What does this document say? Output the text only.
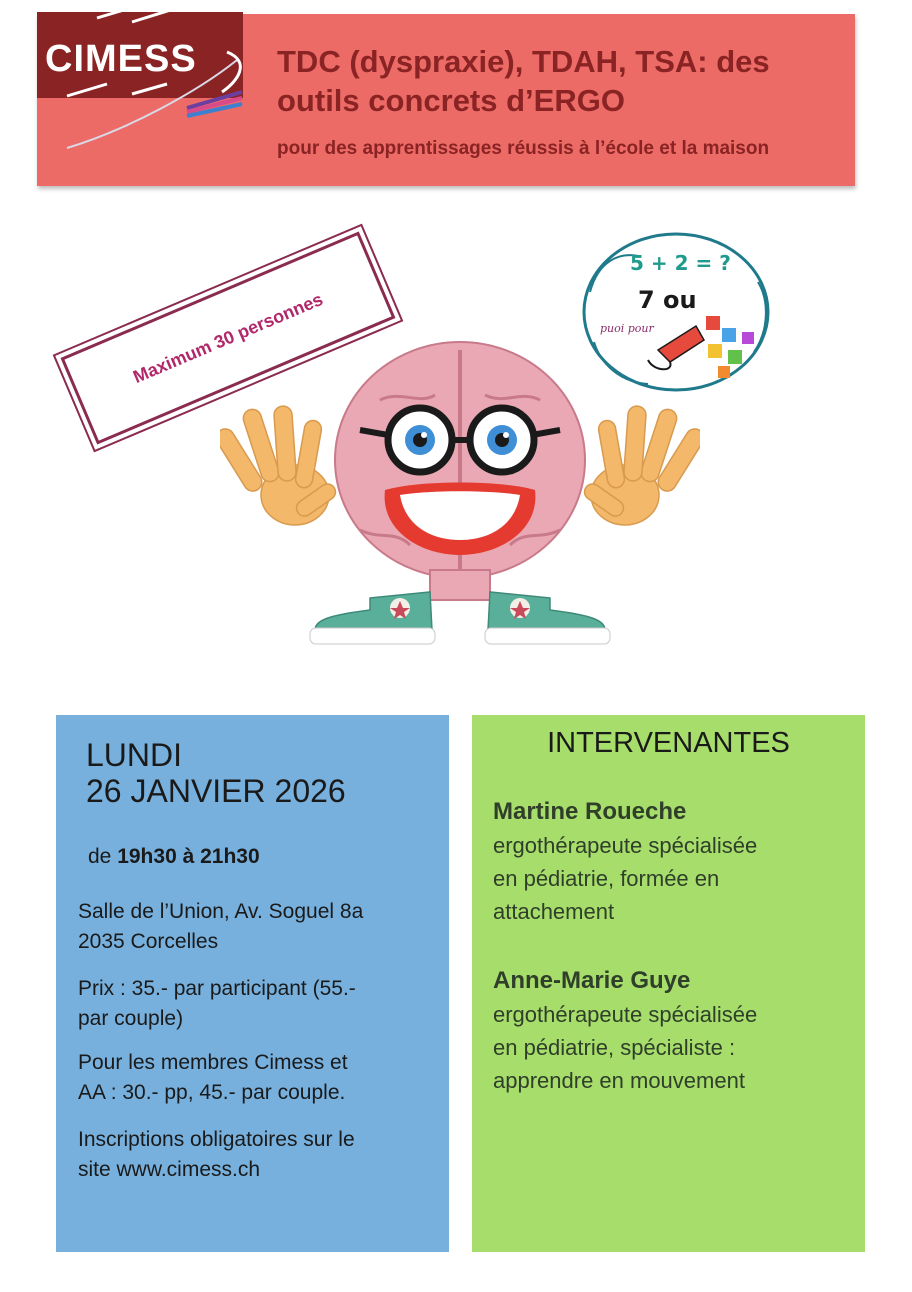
CIMESS	TDC (dyspraxie), TDAH, TSA: des
outils concrets d’ERGO
pour des apprentissages réussis à l’école et la maison
Maximum 30 personnes
5 + 2 = ?
7 ou
puoi pour
LUNDI
26 JANVIER 2026
de 19h30 à 21h30
Salle de l’Union, Av. Soguel 8a
2035 Corcelles
Prix : 35.- par participant (55.-
par couple)
Pour les membres Cimess et
AA : 30.- pp, 45.- par couple.
Inscriptions obligatoires sur le
site www.cimess.ch
INTERVENANTES
Martine Roueche
ergothérapeute spécialisée
en pédiatrie, formée en
attachement
Anne-Marie Guye
ergothérapeute spécialisée
en pédiatrie, spécialiste :
apprendre en mouvement
